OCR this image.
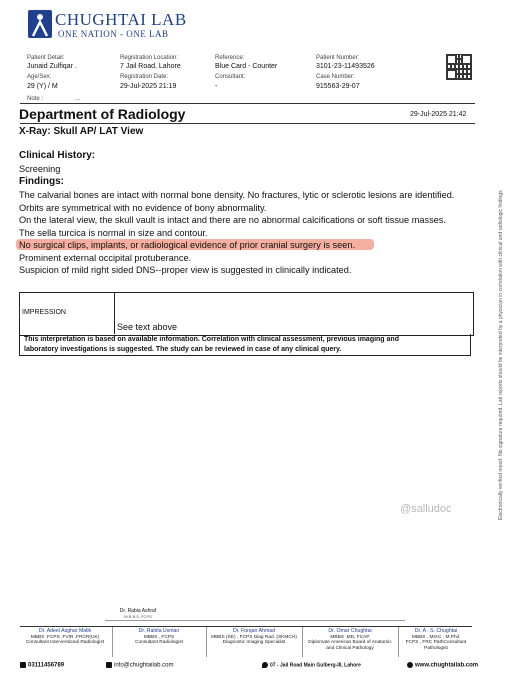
CHUGHTAI LAB
ONE NATION - ONE LAB
Patient Detail:
Junaid Zulfiqar .
Age/Sex:
29 (Y) / M
Note :	...
Registration Location:
7 Jail Road, Lahore
Registration Date:
29-Jul-2025 21:19
Reference:
Blue Card - Counter
Consultant:
-
Patient Number:
3101-23-11493526
Case Number:
915563-29-07
Department of Radiology	29-Jul-2025 21:42
X-Ray: Skull AP/ LAT View
Clinical History:
Screening
Findings:
The calvarial bones are intact with normal bone density. No fractures, lytic or sclerotic lesions are identified.
Orbits are symmetrical with no evidence of bony abnormality.
On the lateral view, the skull vault is intact and there are no abnormal calcifications or soft tissue masses.
The sella turcica is normal in size and contour.
No surgical clips, implants, or radiological evidence of prior cranial surgery is seen.
Prominent external occipital protuberance.
Suspicion of mild right sided DNS--proper view is suggested in clinically indicated.
IMPRESSION
See text above
This interpretation is based on available information. Correlation with clinical assessment, previous imaging and
laboratory investigations is suggested. The study can be reviewed in case of any clinical query.	Electronically verified report. No signature required. Lab reports should be interpreted by a physician in correlation with clinical and radiologic findings
@salludoc
Dr. Rabia Ashraf
M.B.B.S, FCPS
Dr. Adeel Asghar Malik
MBBS ,FCPS ,FVIR ,FRCR(UK)
Consultant Interventional Radiologist
Dr. Rahila Usman
MBBS , FCPS
Consultant Radiologist
Dr. Furqan Ahmad
MBBS (KE) , FCPS Diag Rad. (SKMCH)
Diagnostic Imaging Specialist
Dr. Omar Chughtai
MBBS ,MD, FCAP
Diplomate American Board of Anatomic
and Clinical Pathology
Dr. A . S. Chughtai
MBBS , MIAC , M.Phil,
FCPS , FRC PathConsultant Pathologist
03111456789	info@chughtailab.com	07 - Jail Road Main Gulberg-III, Lahore	www.chughtailab.com
